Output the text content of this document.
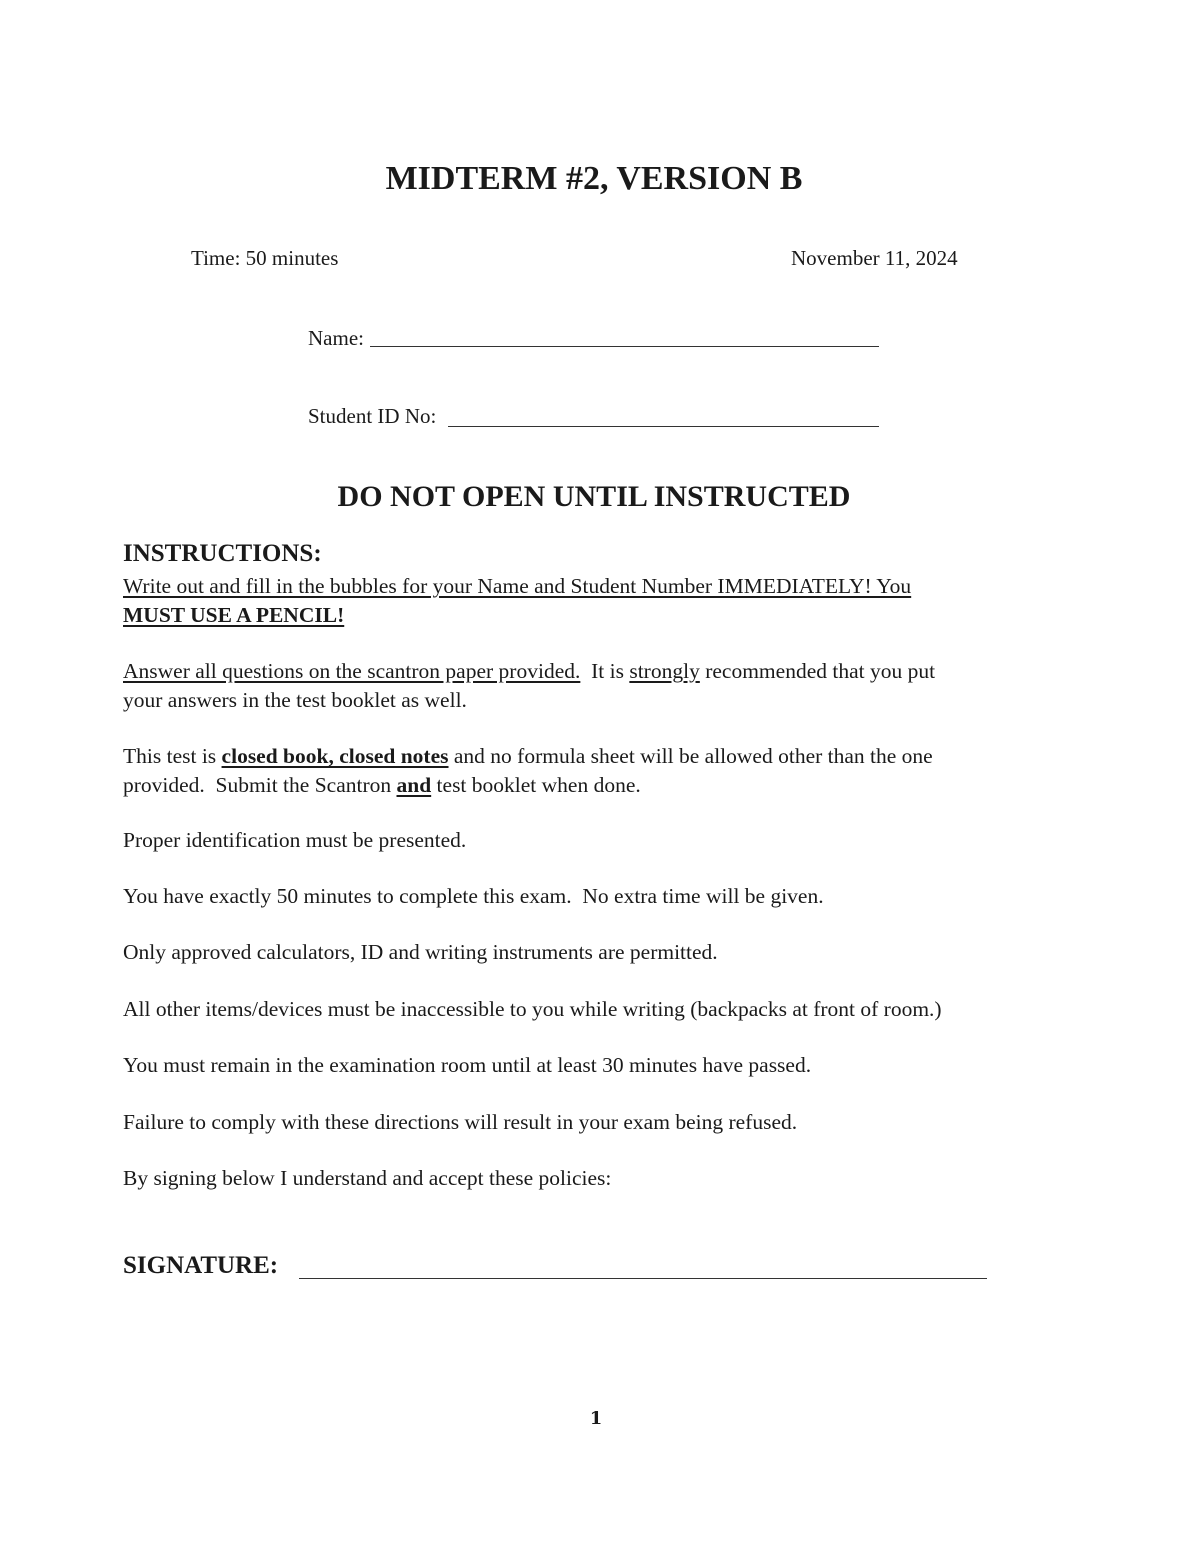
MIDTERM #2, VERSION B
Time: 50 minutes	November 11, 2024
Name:
Student ID No:
DO NOT OPEN UNTIL INSTRUCTED
INSTRUCTIONS:
Write out and fill in the bubbles for your Name and Student Number IMMEDIATELY! You
MUST USE A PENCIL!
Answer all questions on the scantron paper provided.  It is strongly recommended that you put
your answers in the test booklet as well.
This test is closed book, closed notes and no formula sheet will be allowed other than the one
provided.  Submit the Scantron and test booklet when done.
Proper identification must be presented.
You have exactly 50 minutes to complete this exam.  No extra time will be given.
Only approved calculators, ID and writing instruments are permitted.
All other items/devices must be inaccessible to you while writing (backpacks at front of room.)
You must remain in the examination room until at least 30 minutes have passed.
Failure to comply with these directions will result in your exam being refused.
By signing below I understand and accept these policies:
SIGNATURE:
1
